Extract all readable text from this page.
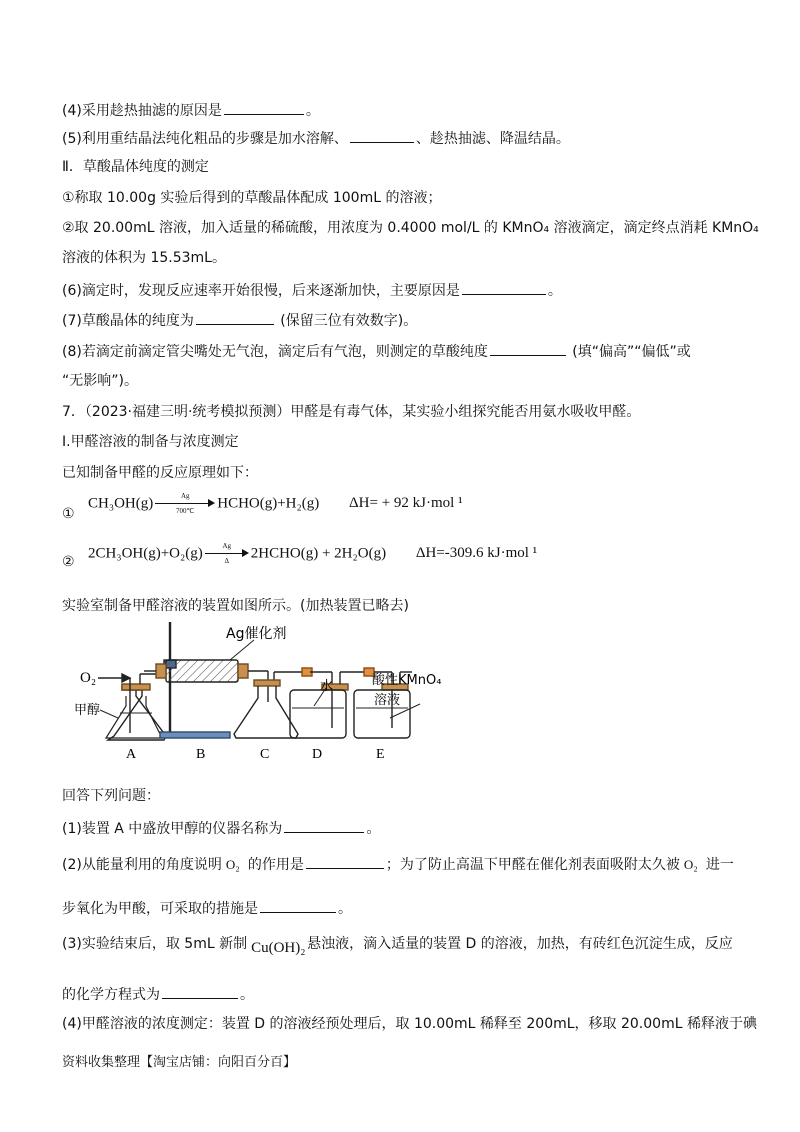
(4)采用趁热抽滤的原因是	。
(5)利用重结晶法纯化粗品的步骤是加水溶解、	、趁热抽滤、降温结晶。
Ⅱ．草酸晶体纯度的测定
①称取 10.00g 实验后得到的草酸晶体配成 100mL 的溶液；
②取 20.00mL 溶液，加入适量的稀硫酸，用浓度为 0.4000 mol/L 的 KMnO₄ 溶液滴定，滴定终点消耗 KMnO₄
溶液的体积为 15.53mL。
(6)滴定时，发现反应速率开始很慢，后来逐渐加快，主要原因是	。
(7)草酸晶体的纯度为	(保留三位有效数字)。
(8)若滴定前滴定管尖嘴处无气泡，滴定后有气泡，则测定的草酸纯度	(填“偏高”“偏低”或
“无影响”)。
7．（2023·福建三明·统考模拟预测）甲醛是有毒气体，某实验小组探究能否用氨水吸收甲醛。
Ⅰ.甲醛溶液的制备与浓度测定
已知制备甲醛的反应原理如下：
①
$CH_3OH(g) \frac{Ag}{700℃}$ HCHO(g)+H₂(g) ΔH= + 92 kJ·mol ¹
②
$2CH_3OH(g)+O_2(g) \frac{Ag}{\Delta}$ 2HCHO(g) + 2H₂O(g) ΔH=-309.6 kJ·mol ¹
实验室制备甲醛溶液的装置如图所示。(加热装置已略去)
O₂
甲醇
Ag催化剂
水	酸性KMnO₄
溶液
A	B	C	D	E
回答下列问题：
(1)装置 A 中盛放甲醇的仪器名称为	。
(2)从能量利用的角度说明 O₂ 的作用是	；为了防止高温下甲醛在催化剂表面吸附太久被 O₂ 进一
步氧化为甲酸，可采取的措施是	。
(3)实验结束后，取 5mL 新制 Cu(OH)₂ 悬浊液，滴入适量的装置 D 的溶液，加热，有砖红色沉淀生成，反应
的化学方程式为	。
(4)甲醛溶液的浓度测定：装置 D 的溶液经预处理后，取 10.00mL 稀释至 200mL，移取 20.00mL 稀释液于碘
资料收集整理【淘宝店铺：向阳百分百】
